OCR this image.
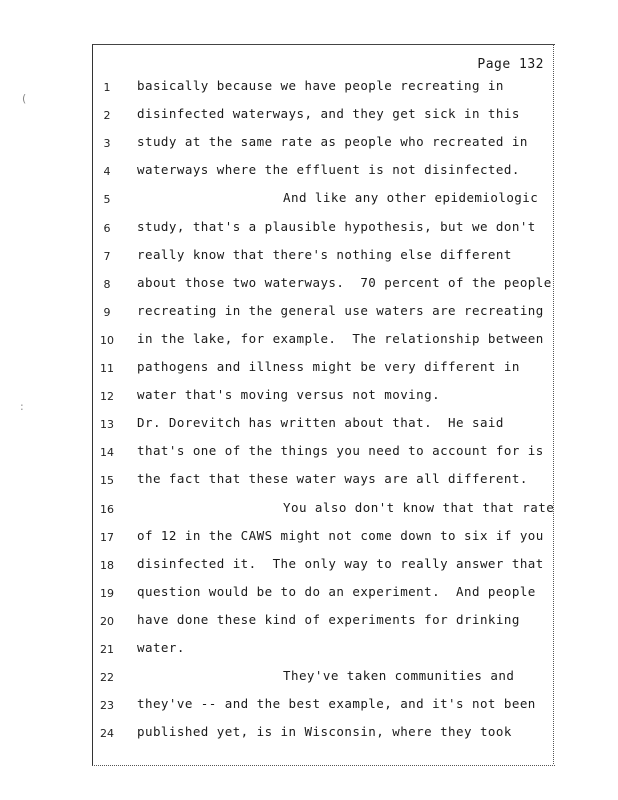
(
:
Page 132
1	basically because we have people recreating in
2	disinfected waterways, and they get sick in this
3	study at the same rate as people who recreated in
4	waterways where the effluent is not disinfected.
5	And like any other epidemiologic
6	study, that's a plausible hypothesis, but we don't
7	really know that there's nothing else different
8	about those two waterways.  70 percent of the people
9	recreating in the general use waters are recreating
10	in the lake, for example.  The relationship between
11	pathogens and illness might be very different in
12	water that's moving versus not moving.
13	Dr. Dorevitch has written about that.  He said
14	that's one of the things you need to account for is
15	the fact that these water ways are all different.
16	You also don't know that that rate
17	of 12 in the CAWS might not come down to six if you
18	disinfected it.  The only way to really answer that
19	question would be to do an experiment.  And people
20	have done these kind of experiments for drinking
21	water.
22	They've taken communities and
23	they've -- and the best example, and it's not been
24	published yet, is in Wisconsin, where they took
